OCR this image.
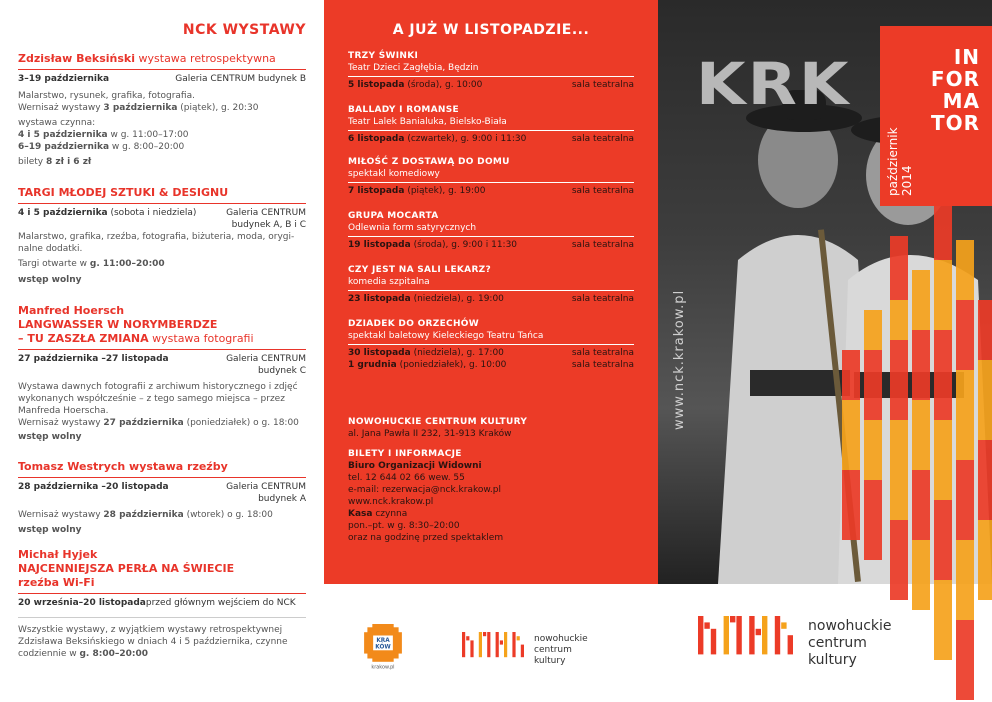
NCK WYSTAWY
Zdzisław Beksiński wystawa retrospektywna
3–19 października	Galeria CENTRUM budynek B
Malarstwo, rysunek, grafika, fotografia.
Wernisaż wystawy 3 października (piątek), g. 20:30
wystawa czynna:
4 i 5 października w g. 11:00–17:00
6–19 października w g. 8:00–20:00
bilety 8 zł i 6 zł
TARGI MŁODEJ SZTUKI & DESIGNU
4 i 5 października (sobota i niedziela)	Galeria CENTRUM
budynek A, B i C
Malarstwo, grafika, rzeźba, fotografia, biżuteria, moda, orygi-
nalne dodatki.
Targi otwarte w g. 11:00–20:00
wstęp wolny
Manfred Hoersch
LANGWASSER W NORYMBERDZE
– TU ZASZŁA ZMIANA wystawa fotografii
27 października –27 listopada	Galeria CENTRUM
budynek C
Wystawa dawnych fotografii z archiwum historycznego i zdjęć
wykonanych współcześnie – z tego samego miejsca – przez
Manfreda Hoerscha.
Wernisaż wystawy 27 października (poniedziałek) o g. 18:00
wstęp wolny
Tomasz Westrych wystawa rzeźby
28 października –20 listopada	Galeria CENTRUM
budynek A
Wernisaż wystawy 28 października (wtorek) o g. 18:00
wstęp wolny
Michał Hyjek
NAJCENNIEJSZA PERŁA NA ŚWIECIE
rzeźba Wi-Fi
20 września–20 listopada przed głównym wejściem do NCK
Wszystkie wystawy, z wyjątkiem wystawy retrospektywnej
Zdzisława Beksińskiego w dniach 4 i 5 października, czynne
codziennie w g. 8:00–20:00
A JUŻ W LISTOPADZIE...
TRZY ŚWINKI
Teatr Dzieci Zagłębia, Będzin
5 listopada (środa), g. 10:00	sala teatralna
BALLADY I ROMANSE
Teatr Lalek Banialuka, Bielsko-Biała
6 listopada (czwartek), g. 9:00 i 11:30	sala teatralna
MIŁOŚĆ Z DOSTAWĄ DO DOMU
spektakl komediowy
7 listopada (piątek), g. 19:00	sala teatralna
GRUPA MOCARTA
Odlewnia form satyrycznych
19 listopada (środa), g. 9:00 i 11:30	sala teatralna
CZY JEST NA SALI LEKARZ?
komedia szpitalna
23 listopada (niedziela), g. 19:00	sala teatralna
DZIADEK DO ORZECHÓW
spektakl baletowy Kieleckiego Teatru Tańca
30 listopada (niedziela), g. 17:00	sala teatralna
1 grudnia (poniedziałek), g. 10:00	sala teatralna
NOWOHUCKIE CENTRUM KULTURY
al. Jana Pawła II 232, 31-913 Kraków
BILETY I INFORMACJE
Biuro Organizacji Widowni
tel. 12 644 02 66 wew. 55
e-mail: rezerwacja@nck.krakow.pl
www.nck.krakow.pl
Kasa czynna
pon.–pt. w g. 8:30–20:00
oraz na godzinę przed spektaklem
KRA
KÓW
krakow.pl
nowohuckie
centrum
kultury
KRK
www.nck.krakow.pl
październik 2014
IN
FOR
MA
TOR
nowohuckie
centrum
kultury
